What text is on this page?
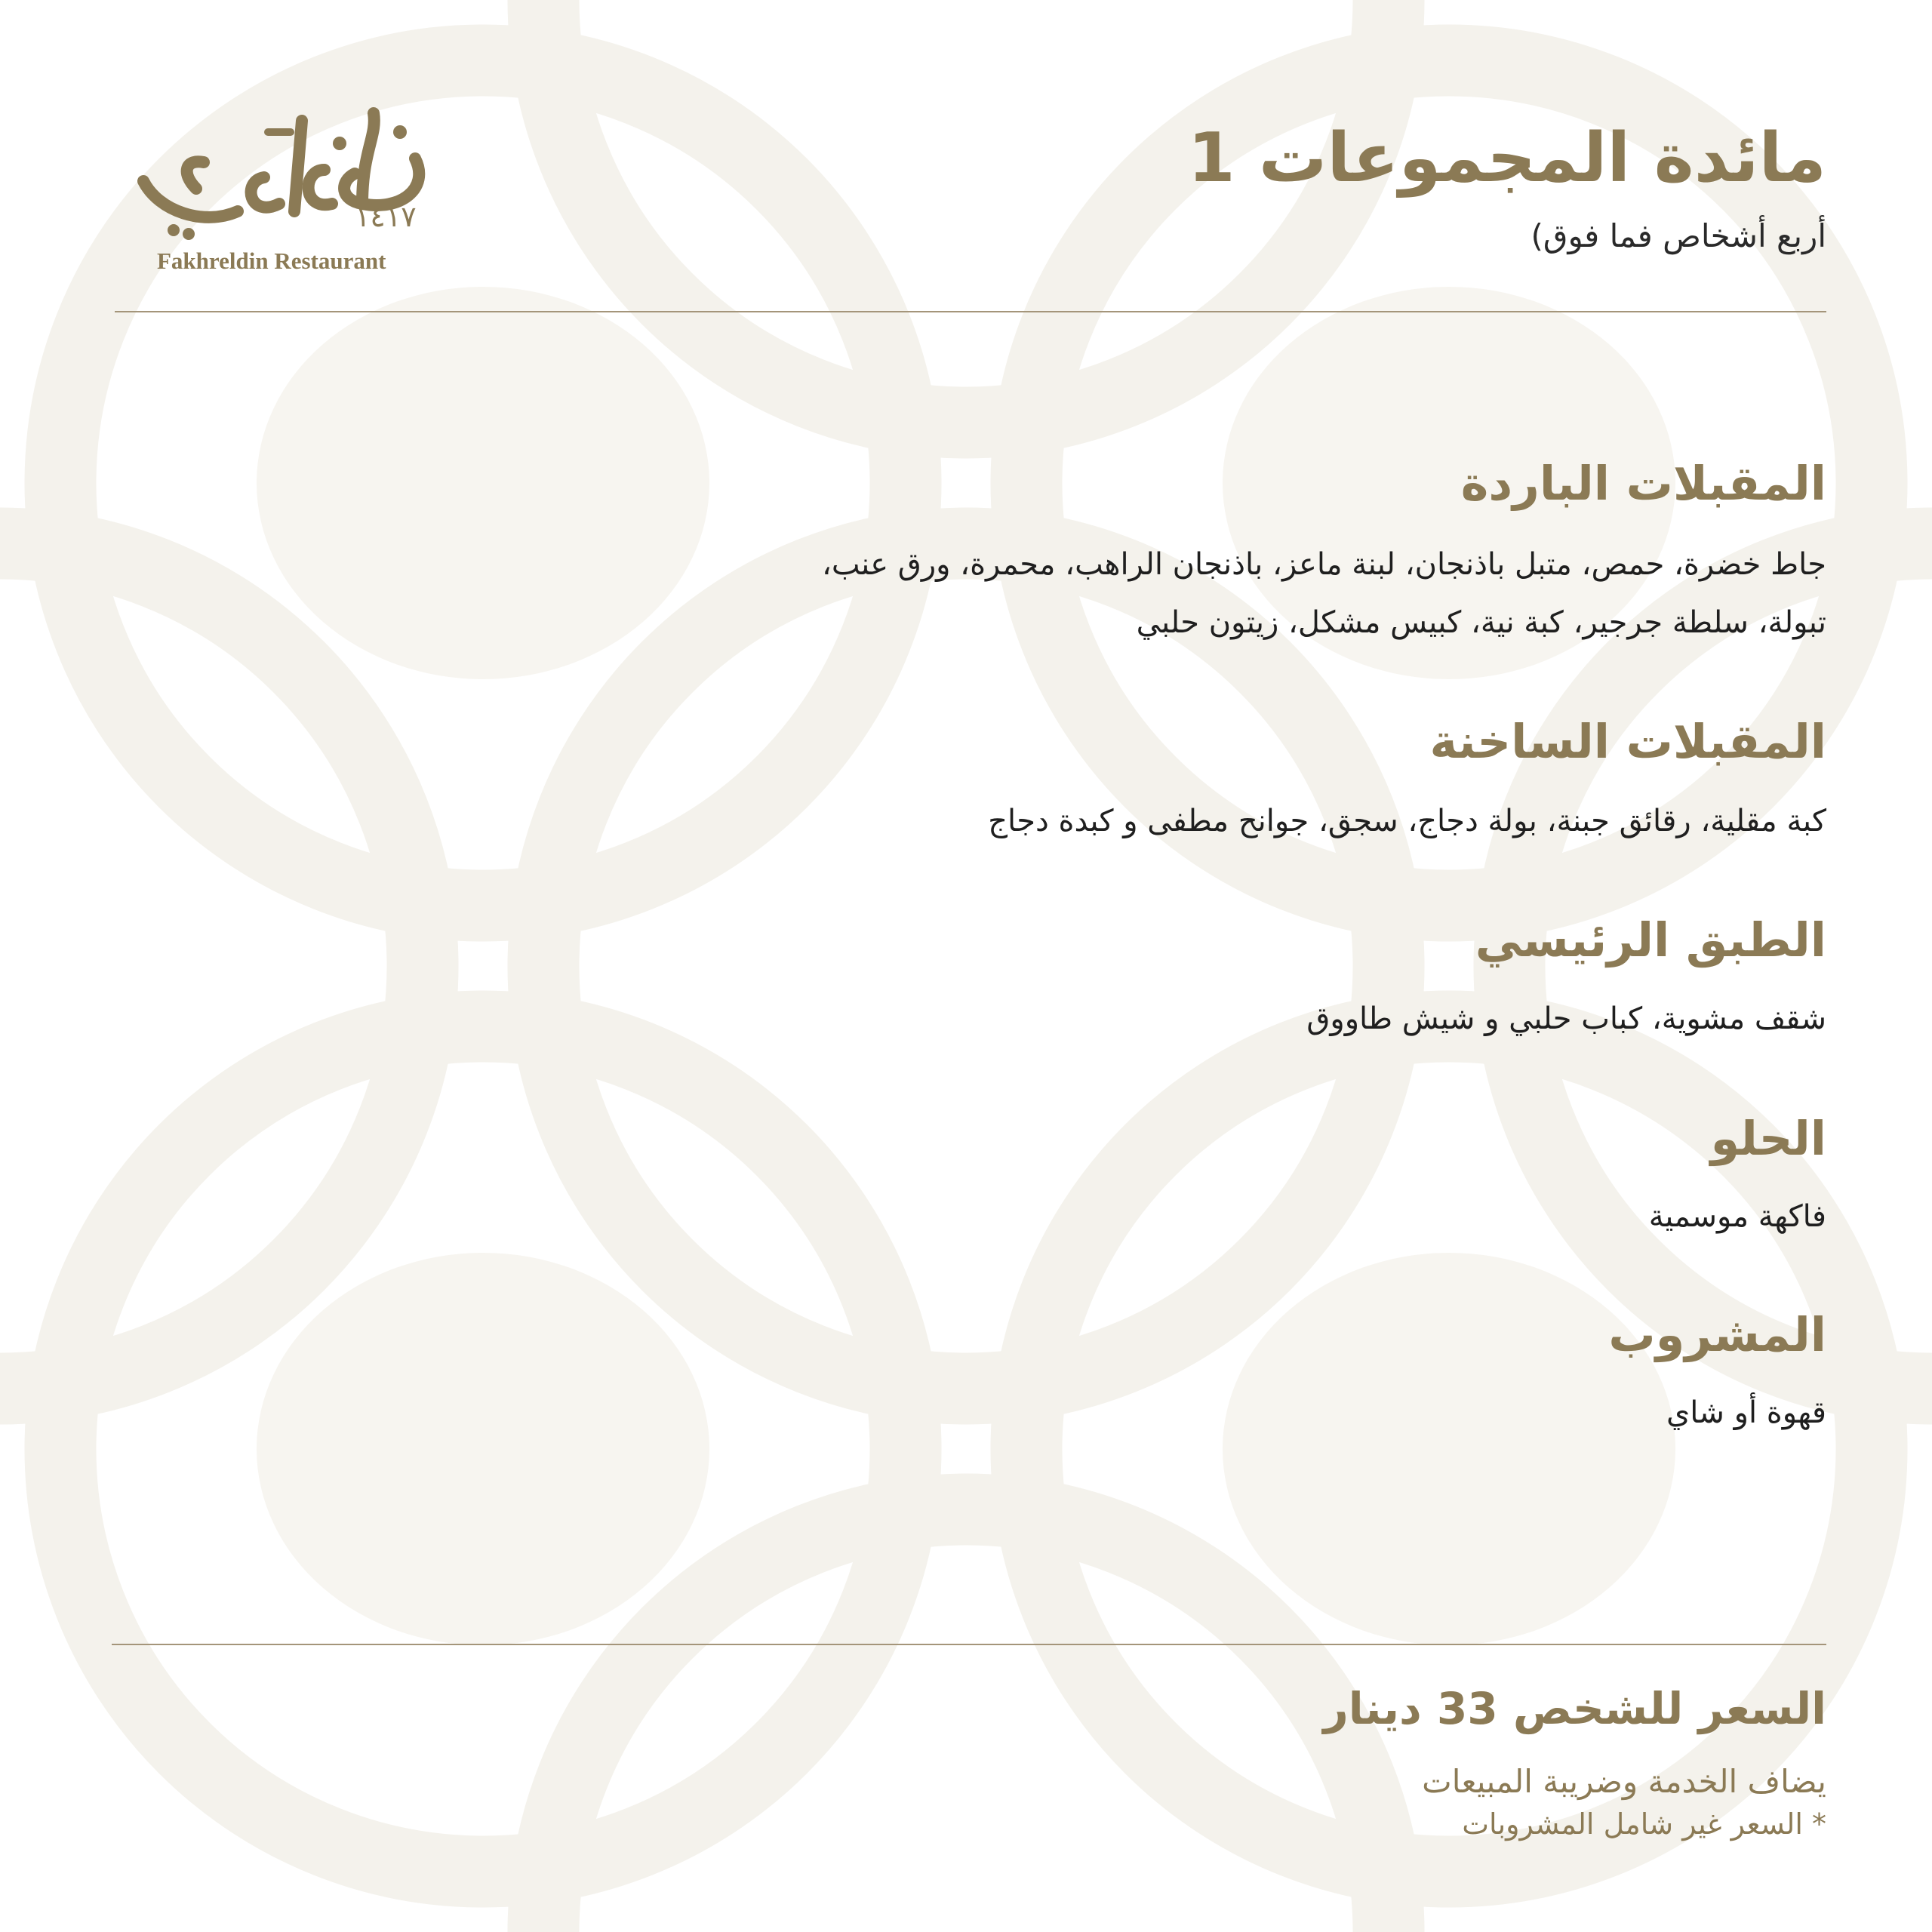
١٤١٧
Fakhreldin Restaurant
مائدة المجموعات 1
أربع أشخاص فما فوق)
المقبلات الباردة
جاط خضرة، حمص، متبل باذنجان، لبنة ماعز، باذنجان الراهب، محمرة، ورق عنب،
تبولة، سلطة جرجير، كبة نية، كبيس مشكل، زيتون حلبي
المقبلات الساخنة
كبة مقلية، رقائق جبنة، بولة دجاج، سجق، جوانح مطفى و كبدة دجاج
الطبق الرئيسي
شقف مشوية، كباب حلبي و شيش طاووق
الحلو
فاكهة موسمية
المشروب
قهوة أو شاي
السعر للشخص 33 دينار
يضاف الخدمة وضريبة المبيعات
* السعر غير شامل المشروبات
